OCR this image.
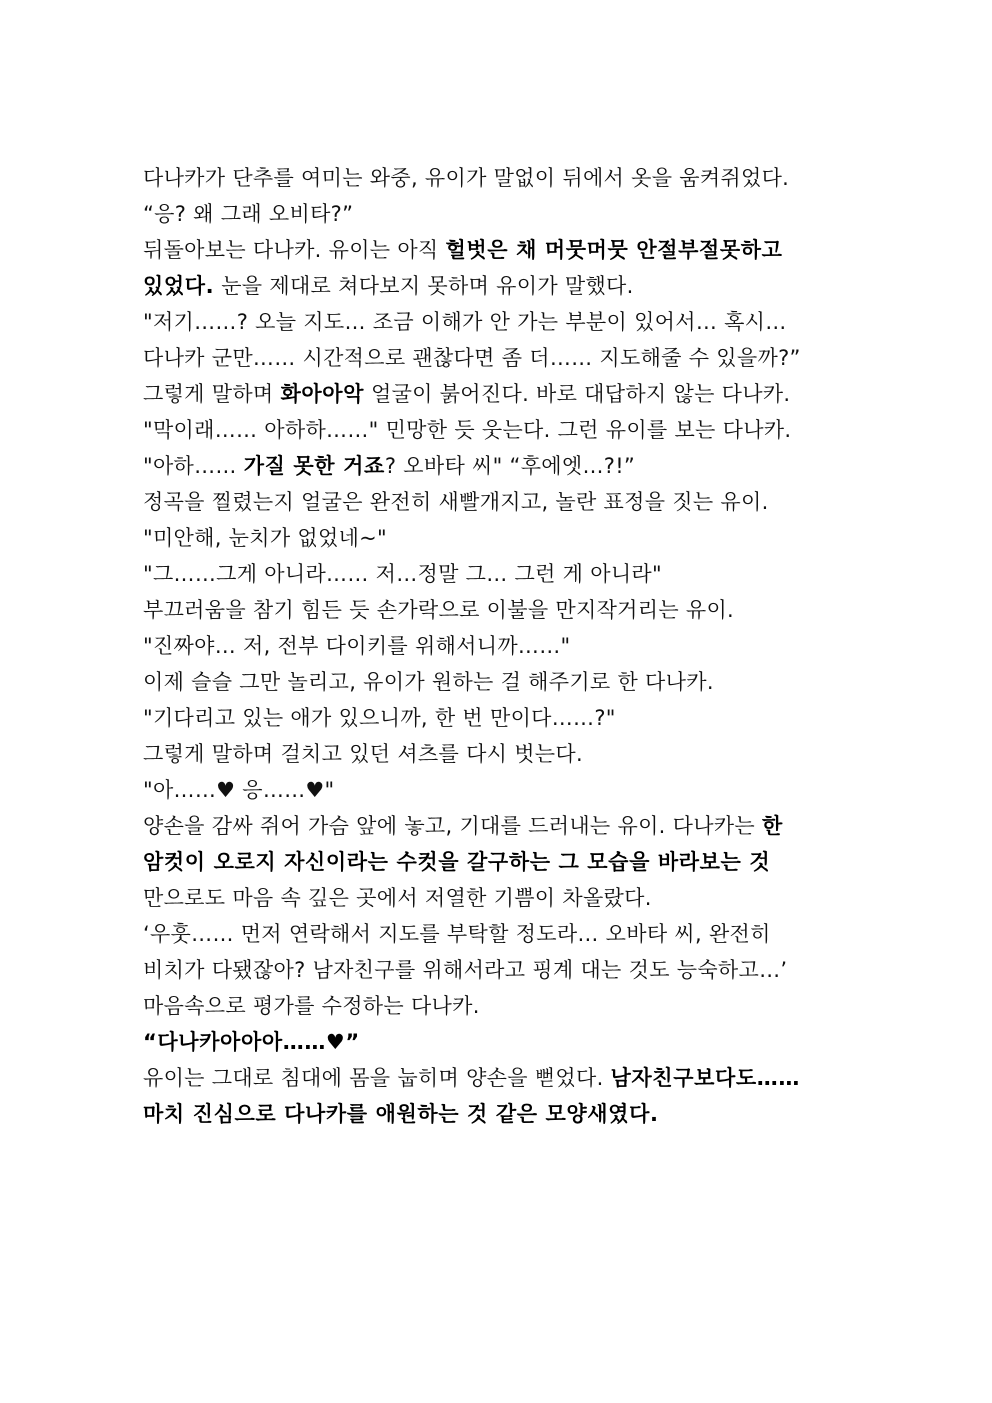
다나카가 단추를 여미는 와중, 유이가 말없이 뒤에서 옷을 움켜쥐었다.
“응? 왜 그래 오비타?”
뒤돌아보는 다나카. 유이는 아직 헐벗은 채 머뭇머뭇 안절부절못하고
있었다. 눈을 제대로 쳐다보지 못하며 유이가 말했다.
"저기……? 오늘 지도… 조금 이해가 안 가는 부분이 있어서… 혹시…
다나카 군만…… 시간적으로 괜찮다면 좀 더…… 지도해줄 수 있을까?”
그렇게 말하며 화아아악 얼굴이 붉어진다. 바로 대답하지 않는 다나카.
"막이래…… 아하하……" 민망한 듯 웃는다. 그런 유이를 보는 다나카.
"아하…… 가질 못한 거죠? 오바타 씨" “후에엣…?!”
정곡을 찔렸는지 얼굴은 완전히 새빨개지고, 놀란 표정을 짓는 유이.
"미안해, 눈치가 없었네~"
"그……그게 아니라…… 저…정말 그… 그런 게 아니라"
부끄러움을 참기 힘든 듯 손가락으로 이불을 만지작거리는 유이.
"진짜야… 저, 전부 다이키를 위해서니까……"
이제 슬슬 그만 놀리고, 유이가 원하는 걸 해주기로 한 다나카.
"기다리고 있는 애가 있으니까, 한 번 만이다……?"
그렇게 말하며 걸치고 있던 셔츠를 다시 벗는다.
"아……♥ 응……♥"
양손을 감싸 쥐어 가슴 앞에 놓고, 기대를 드러내는 유이. 다나카는 한
암컷이 오로지 자신이라는 수컷을 갈구하는 그 모습을 바라보는 것
만으로도 마음 속 깊은 곳에서 저열한 기쁨이 차올랐다.
‘우훗…… 먼저 연락해서 지도를 부탁할 정도라… 오바타 씨, 완전히
비치가 다됐잖아? 남자친구를 위해서라고 핑계 대는 것도 능숙하고…’
마음속으로 평가를 수정하는 다나카.
“다나카아아아……♥”
유이는 그대로 침대에 몸을 눕히며 양손을 뻗었다. 남자친구보다도……
마치 진심으로 다나카를 애원하는 것 같은 모양새였다.
